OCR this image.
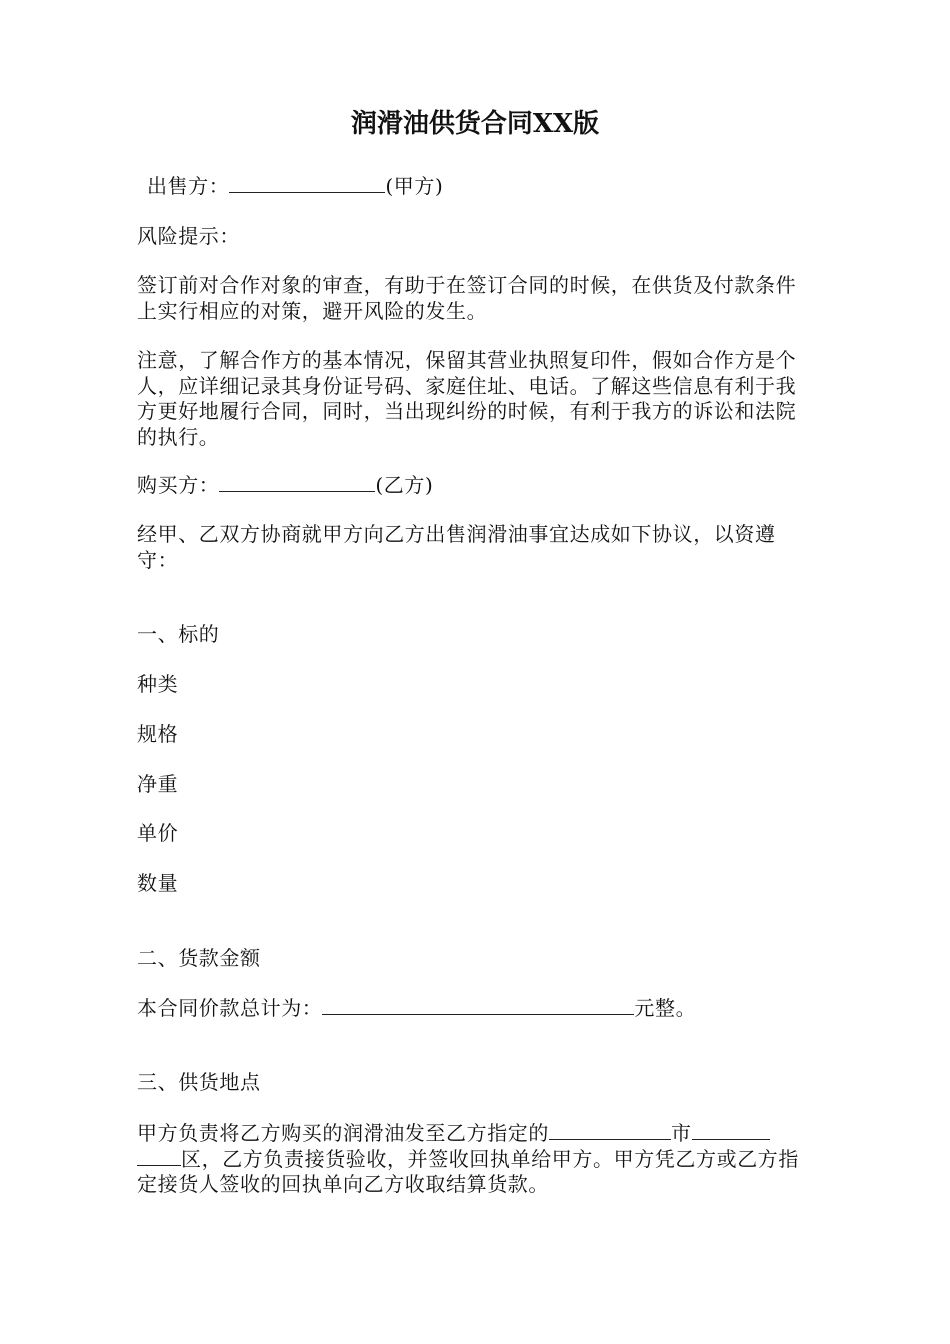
润滑油供货合同XX版

出售方：	(甲方)

风险提示：

签订前对合作对象的审查，有助于在签订合同的时候，在供货及付款条件上实行相应的对策，避开风险的发生。

注意，了解合作方的基本情况，保留其营业执照复印件，假如合作方是个人，应详细记录其身份证号码、家庭住址、电话。了解这些信息有利于我方更好地履行合同，同时，当出现纠纷的时候，有利于我方的诉讼和法院的执行。

购买方：	(乙方)

经甲、乙双方协商就甲方向乙方出售润滑油事宜达成如下协议，以资遵守：

一、标的

种类

规格

净重

单价

数量

二、货款金额

本合同价款总计为：	元整。

三、供货地点

甲方负责将乙方购买的润滑油发至乙方指定的	市区，乙方负责接货验收，并签收回执单给甲方。甲方凭乙方或乙方指定接货人签收的回执单向乙方收取结算货款。
